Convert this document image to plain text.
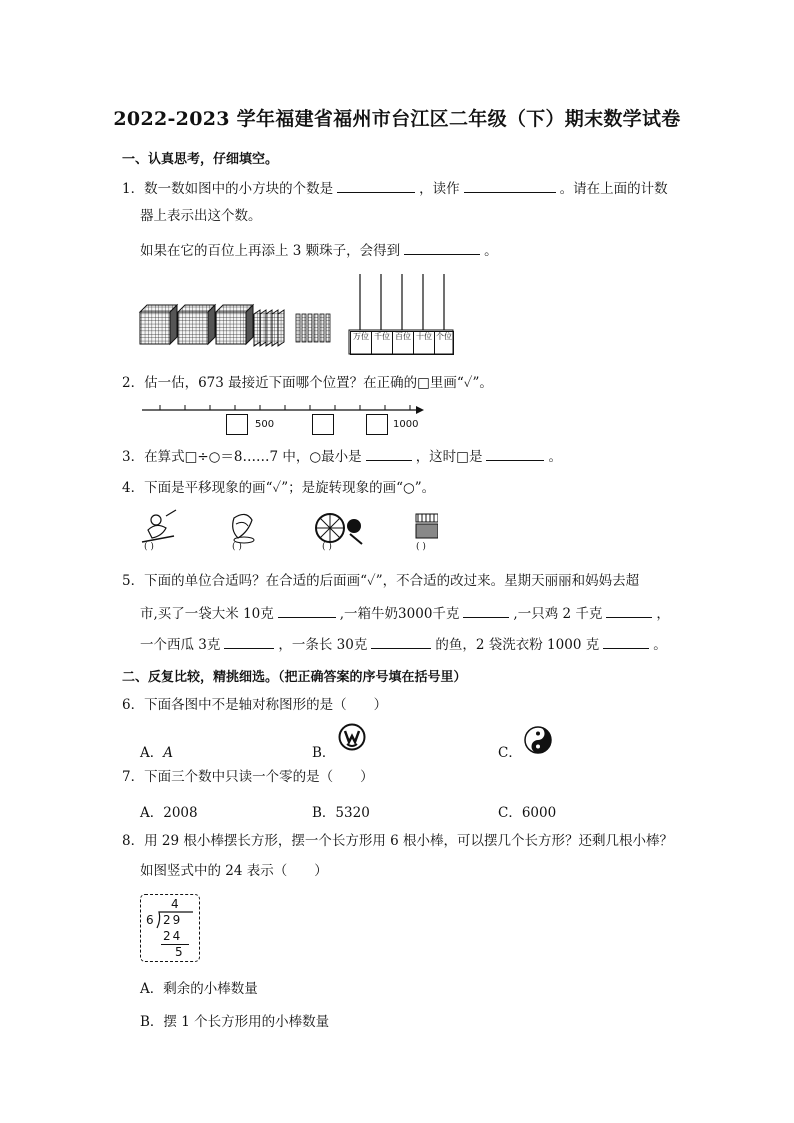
2022-2023 学年福建省福州市台江区二年级（下）期末数学试卷
一、认真思考，仔细填空。
1．数一数如图中的小方块的个数是	，读作	。请在上面的计数
器上表示出这个数。
如果在它的百位上再添上 3 颗珠子，会得到	。
万位 千位 百位 十位 个位
2．估一估，673 最接近下面哪个位置？在正确的□里画“✓”。
500	1000
3．在算式□÷○＝8……7 中，○最小是	，这时□是	。
4．下面是平移现象的画“✓”；是旋转现象的画“○”。
( )	( )	( )	( )
5．下面的单位合适吗？在合适的后面画“✓”，不合适的改过来。星期天丽丽和妈妈去超
市,买了一袋大米 10克	,一箱牛奶3000千克	,一只鸡 2 千克	，
一个西瓜 3克	，一条长 30克	的鱼，2 袋洗衣粉 1000 克	。
二、反复比较，精挑细选。（把正确答案的序号填在括号里）
6．下面各图中不是轴对称图形的是（　　）
A．A	B．	C．
7．下面三个数中只读一个零的是（　　）
A．2008	B．5320	C．6000
8．用 29 根小棒摆长方形，摆一个长方形用 6 根小棒，可以摆几个长方形？还剩几根小棒？
如图竖式中的 24 表示（　　）
4
6 29
24
5
A．剩余的小棒数量
B．摆 1 个长方形用的小棒数量
